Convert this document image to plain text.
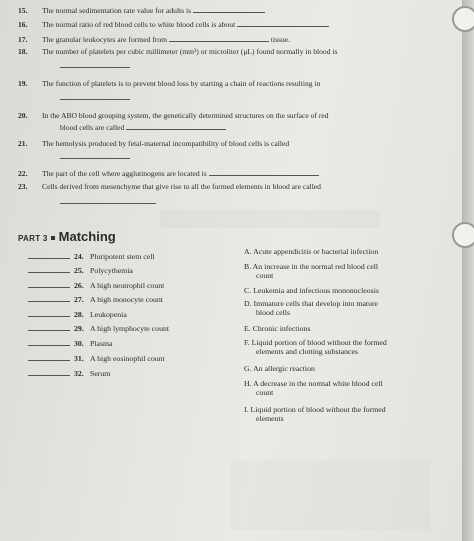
15. The normal sedimentation rate value for adults is
16. The normal ratio of red blood cells to white blood cells is about
17. The granular leukocytes are formed from	tissue.
18. The number of platelets per cubic millimeter (mm³) or microliter (μL) found normally in blood is
19. The function of platelets is to prevent blood loss by starting a chain of reactions resulting in
20. In the ABO blood grouping system, the genetically determined structures on the surface of red
blood cells are called
21. The hemolysis produced by fetal-maternal incompatibility of blood cells is called
22. The part of the cell where agglutinogens are located is
23. Cells derived from mesenchyme that give rise to all the formed elements in blood are called
PART 3 Matching
24. Pluripotent stem cell
25. Polycythemia
26. A high neutrophil count
27. A high monocyte count
28. Leukopenia
29. A high lymphocyte count
30. Plasma
31. A high eosinophil count
32. Serum
A. Acute appendicitis or bacterial infection
B. An increase in the normal red blood cell
count
C. Leukemia and infectious mononucleosis
D. Immature cells that develop into mature
blood cells
E. Chronic infections
F. Liquid portion of blood without the formed
elements and clotting substances
G. An allergic reaction
H. A decrease in the normal white blood cell
count
I. Liquid portion of blood without the formed
elements
